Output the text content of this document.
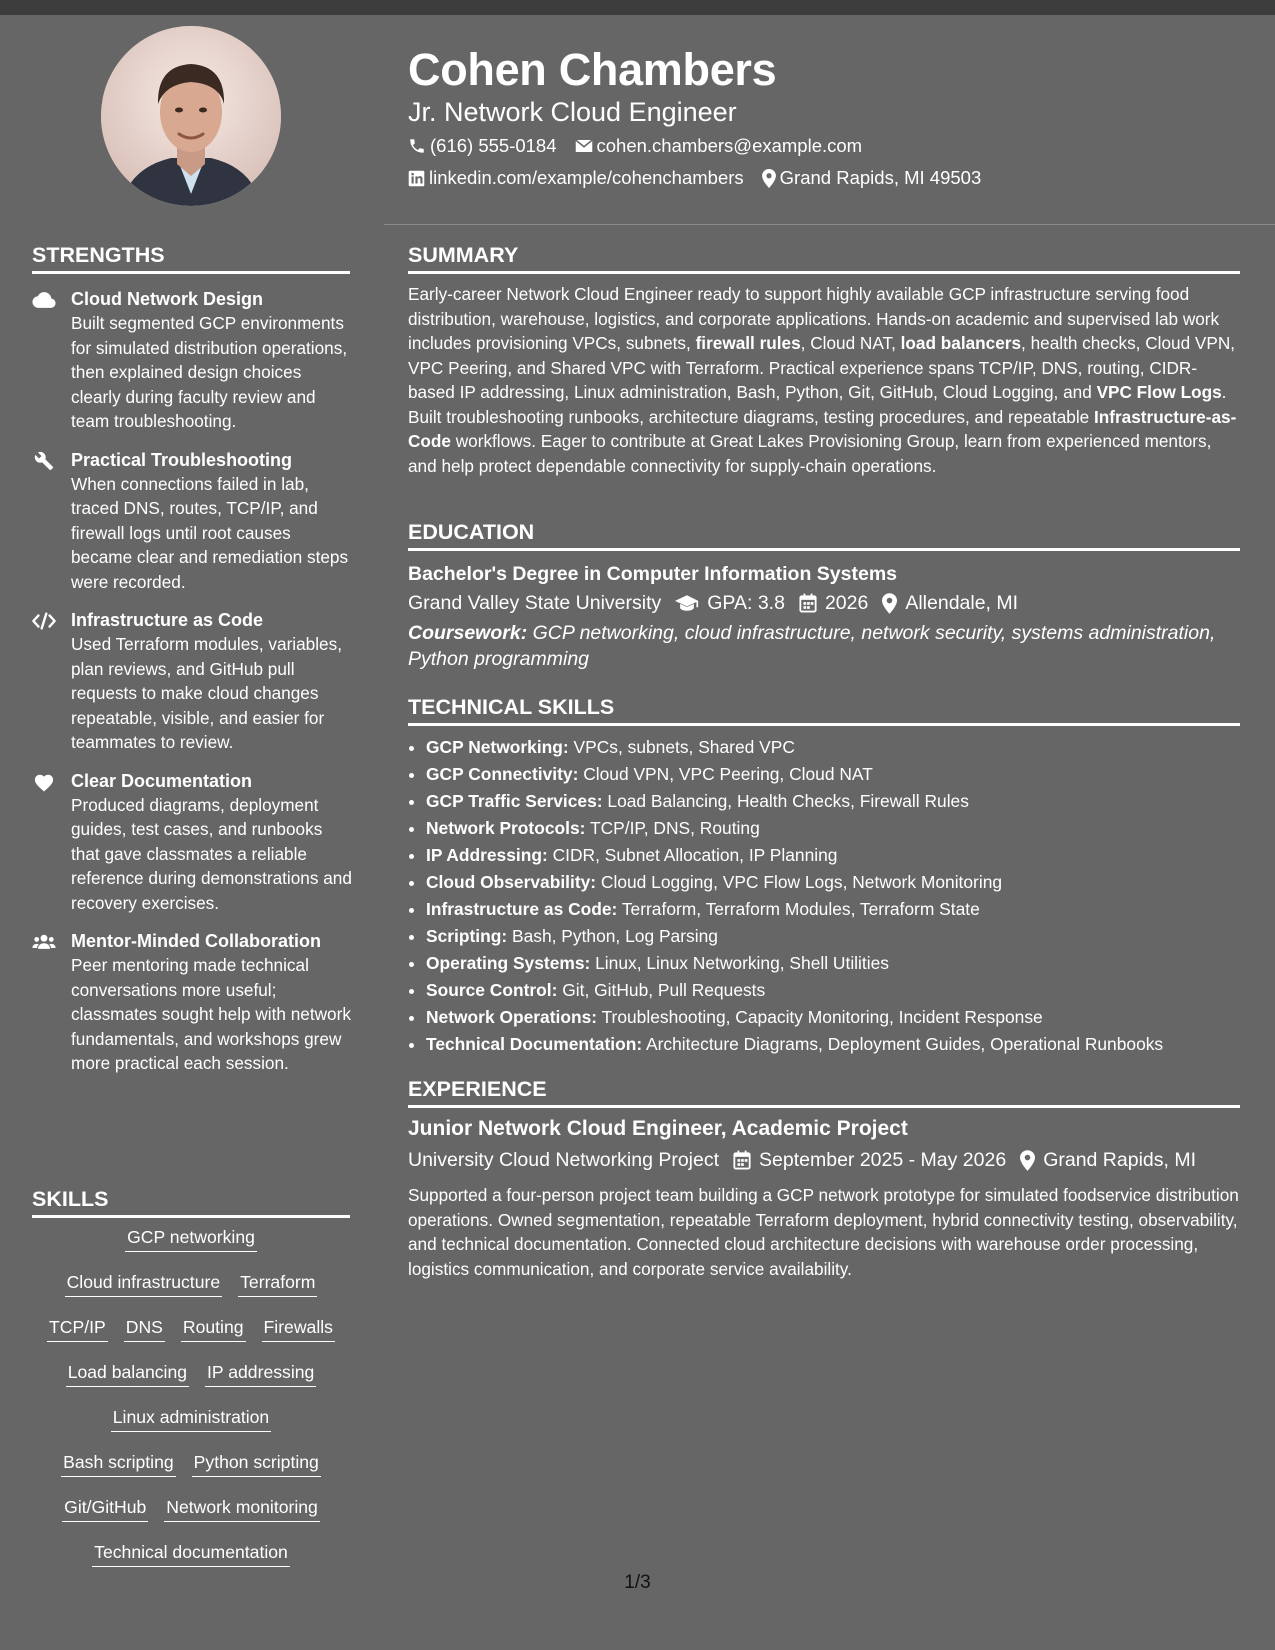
Cohen Chambers
Jr. Network Cloud Engineer
(616) 555-0184 cohen.chambers@example.com
linkedin.com/example/cohenchambers Grand Rapids, MI 49503
STRENGTHS
Cloud Network Design
Built segmented GCP environments for simulated distribution operations, then explained design choices clearly during faculty review and team troubleshooting.
Practical Troubleshooting
When connections failed in lab, traced DNS, routes, TCP/IP, and firewall logs until root causes became clear and remediation steps were recorded.
Infrastructure as Code
Used Terraform modules, variables, plan reviews, and GitHub pull requests to make cloud changes repeatable, visible, and easier for teammates to review.
Clear Documentation
Produced diagrams, deployment guides, test cases, and runbooks that gave classmates a reliable reference during demonstrations and recovery exercises.
Mentor-Minded Collaboration
Peer mentoring made technical conversations more useful; classmates sought help with network fundamentals, and workshops grew more practical each session.
SKILLS
GCP networking
Cloud infrastructure Terraform
TCP/IP DNS Routing Firewalls
Load balancing IP addressing
Linux administration
Bash scripting Python scripting
Git/GitHub Network monitoring
Technical documentation
SUMMARY

Early-career Network Cloud Engineer ready to support highly available GCP infrastructure serving food distribution, warehouse, logistics, and corporate applications. Hands-on academic and supervised lab work includes provisioning VPCs, subnets, firewall rules, Cloud NAT, load balancers, health checks, Cloud VPN, VPC Peering, and Shared VPC with Terraform. Practical experience spans TCP/IP, DNS, routing, CIDR-based IP addressing, Linux administration, Bash, Python, Git, GitHub, Cloud Logging, and VPC Flow Logs. Built troubleshooting runbooks, architecture diagrams, testing procedures, and repeatable Infrastructure-as-Code workflows. Eager to contribute at Great Lakes Provisioning Group, learn from experienced mentors, and help protect dependable connectivity for supply-chain operations.

EDUCATION
Bachelor's Degree in Computer Information Systems
Grand Valley State University GPA: 3.8 2026 Allendale, MI

Coursework: GCP networking, cloud infrastructure, network security, systems administration, Python programming

TECHNICAL SKILLS
• GCP Networking: VPCs, subnets, Shared VPC
• GCP Connectivity: Cloud VPN, VPC Peering, Cloud NAT
• GCP Traffic Services: Load Balancing, Health Checks, Firewall Rules
• Network Protocols: TCP/IP, DNS, Routing
• IP Addressing: CIDR, Subnet Allocation, IP Planning
• Cloud Observability: Cloud Logging, VPC Flow Logs, Network Monitoring
• Infrastructure as Code: Terraform, Terraform Modules, Terraform State
• Scripting: Bash, Python, Log Parsing
• Operating Systems: Linux, Linux Networking, Shell Utilities
• Source Control: Git, GitHub, Pull Requests
• Network Operations: Troubleshooting, Capacity Monitoring, Incident Response
• Technical Documentation: Architecture Diagrams, Deployment Guides, Operational Runbooks
EXPERIENCE
Junior Network Cloud Engineer, Academic Project
University Cloud Networking Project September 2025 - May 2026 Grand Rapids, MI

Supported a four-person project team building a GCP network prototype for simulated foodservice distribution operations. Owned segmentation, repeatable Terraform deployment, hybrid connectivity testing, observability, and technical documentation. Connected cloud architecture decisions with warehouse order processing, logistics communication, and corporate service availability.

1/3
